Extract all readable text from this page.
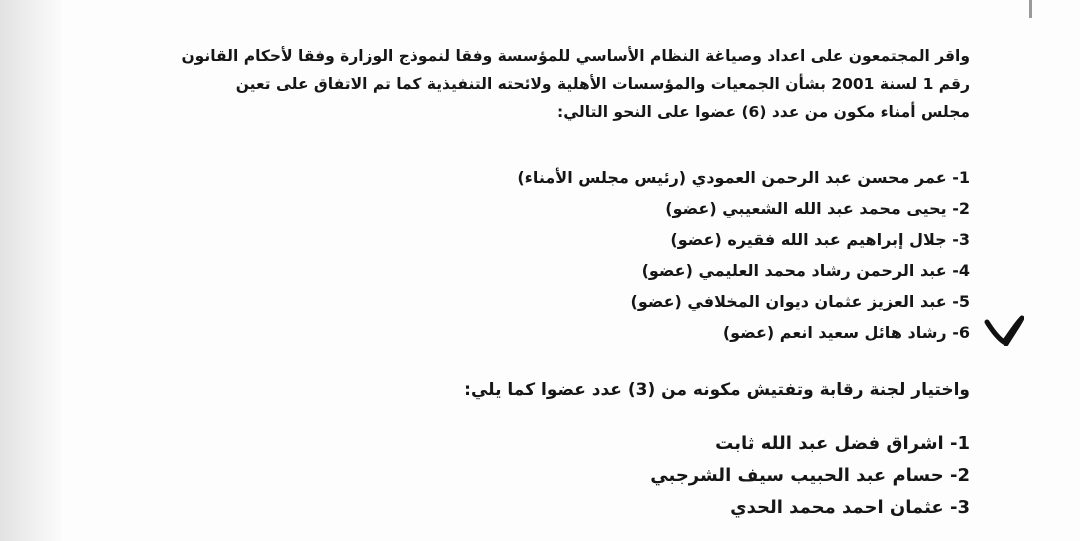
واقر المجتمعون على اعداد وصياغة النظام الأساسي للمؤسسة وفقا لنموذج الوزارة وفقا لأحكام القانون
رقم 1 لسنة 2001 بشأن الجمعيات والمؤسسات الأهلية ولائحته التنفيذية كما تم الاتفاق على تعين
مجلس أمناء مكون من عدد (6) عضوا على النحو التالي:

1- عمر محسن عبد الرحمن العمودي (رئيس مجلس الأمناء)
2- يحيى محمد عبد الله الشعيبي (عضو)
3- جلال إبراهيم عبد الله فقيره (عضو)
4- عبد الرحمن رشاد محمد العليمي (عضو)
5- عبد العزيز عثمان ديوان المخلافي (عضو)
6- رشاد هائل سعيد انعم (عضو)

واختيار لجنة رقابة وتفتيش مكونه من (3) عدد عضوا كما يلي:

1- اشراق فضل عبد الله ثابت
2- حسام عبد الحبيب سيف الشرجبي
3- عثمان احمد محمد الحدي
